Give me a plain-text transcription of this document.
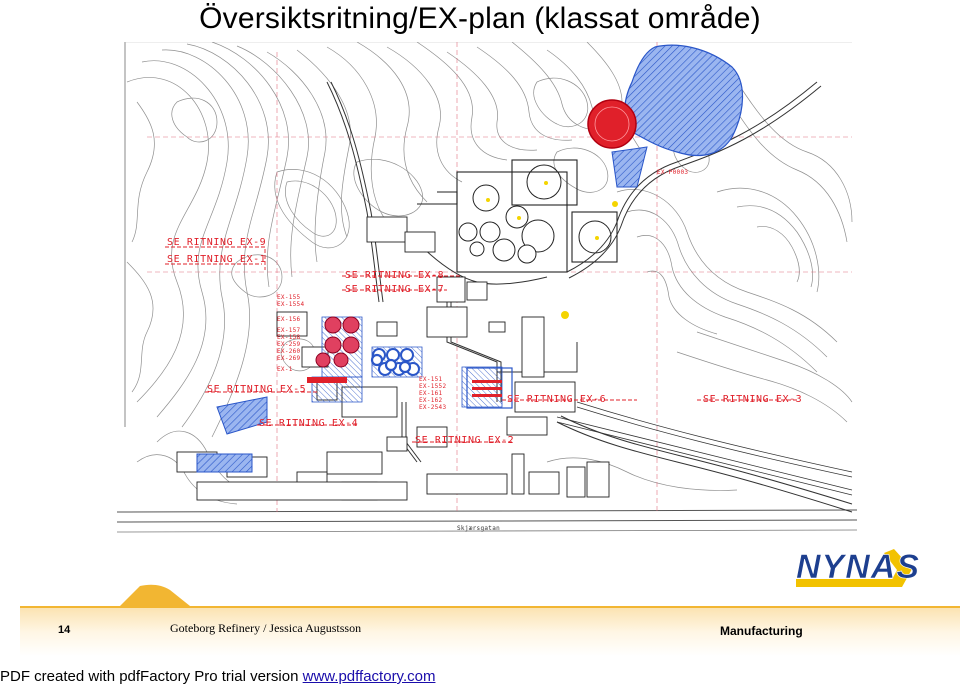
Översiktsritning/EX-plan (klassat område)
SE RITNING EX-9
SE RITNING EX-1
SE RITNING EX-8
SE RITNING EX-7
SE RITNING EX-5
SE RITNING EX-4
SE RITNING EX-6	SE RITNING EX-3
SE RITNING EX-2
EX-155
EX-1554
EX-156
EX-157
EX-158
EX-259
EX-260
EX-269
EX-1
EX-151
EX-1552
EX-161
EX-162
EX-2543
EX-P0003
Skjærsgatan
NYNAS
14	Goteborg Refinery / Jessica Augustsson	Manufacturing
PDF created with pdfFactory Pro trial version www.pdffactory.com
